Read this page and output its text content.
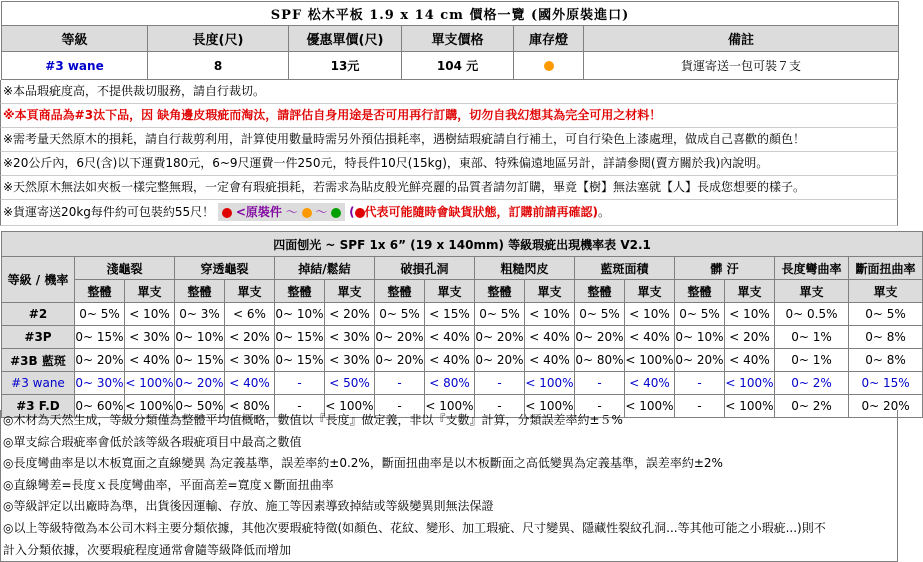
SPF 松木平板 1.9 x 14 cm 價格一覽 (國外原裝進口)					
等級	長度(尺)	優惠單價(尺)	單支價格	庫存燈	備註
#3 wane	8	13元	104 元		貨運寄送一包可裝７支
※本品瑕疵度高，不提供裁切服務，請自行裁切。
※本頁商品為#3汰下品，因 缺角邊皮瑕疵而淘汰，請評估自身用途是否可用再行訂購，切勿自我幻想其為完全可用之材料！
※需考量天然原木的損耗，請自行裁剪利用，計算使用數量時需另外預估損耗率，遇樹結瑕疵請自行補土，可自行染色上漆處理，做成自己喜歡的顏色！
※20公斤內，6尺(含)以下運費180元，6~9尺運費一件250元，特長件10尺(15kg)，東部、特殊偏遠地區另計，詳請參閱(賣方關於我)內說明。
※天然原木無法如夾板一樣完整無瑕，一定會有瑕疵損耗，若需求為貼皮般光鮮亮麗的品質者請勿訂購，畢竟【樹】無法塞就【人】長成您想要的樣子。
※貨運寄送20kg每件約可包裝約55尺！ <原裝件 ～ ～ ( 代表可能隨時會缺貨狀態，訂購前請再確認)。
四面刨光 ~ SPF 1x 6” (19 x 140mm) 等級瑕疵出現機率表 V2.1																
等級 / 機率	淺龜裂		穿透龜裂		掉結/鬆結		破損孔洞		粗糙閃皮		藍斑面積		髒 汙		長度彎曲率	斷面扭曲率
	整體	單支	整體	單支	整體	單支	整體	單支	整體	單支	整體	單支	整體	單支	單支	單支
#2	0~ 5%	< 10%	0~ 3%	< 6%	0~ 10%	< 20%	0~ 5%	< 15%	0~ 5%	< 10%	0~ 5%	< 10%	0~ 5%	< 10%	0~ 0.5%	0~ 5%
#3P	0~ 15%	< 30%	0~ 10%	< 20%	0~ 15%	< 30%	0~ 20%	< 40%	0~ 20%	< 40%	0~ 20%	< 40%	0~ 10%	< 20%	0~ 1%	0~ 8%
#3B 藍斑	0~ 20%	< 40%	0~ 15%	< 30%	0~ 15%	< 30%	0~ 20%	< 40%	0~ 20%	< 40%	0~ 80%	< 100%	0~ 20%	< 40%	0~ 1%	0~ 8%
#3 wane	0~ 30%	< 100%	0~ 20%	< 40%	-	< 50%	-	< 80%	-	< 100%	-	< 40%	-	< 100%	0~ 2%	0~ 15%
#3 F.D	0~ 60%	< 100%	0~ 50%	< 80%	-	< 100%	-	< 100%	-	< 100%	-	< 100%	-	< 100%	0~ 2%	0~ 20%
◎木材為天然生成，等級分類僅為整體平均值概略，數值以『長度』做定義，非以『支數』計算，分類誤差率約±５%
◎單支綜合瑕疵率會低於該等級各瑕疵項目中最高之數值
◎長度彎曲率是以木板寬面之直線變異 為定義基準，誤差率約±0.2%，斷面扭曲率是以木板斷面之高低變異為定義基準，誤差率約±2%
◎直線彎差=長度ｘ長度彎曲率，平面高差=寬度ｘ斷面扭曲率
◎等級評定以出廠時為準，出貨後因運輸、存放、施工等因素導致掉結或等級變異則無法保證
◎以上等級特徵為本公司木料主要分類依據，其他次要瑕疵特徵(如顏色、花紋、變形、加工瑕疵、尺寸變異、隱藏性裂紋孔洞...等其他可能之小瑕疵...)則不
計入分類依據，次要瑕疵程度通常會隨等級降低而增加
